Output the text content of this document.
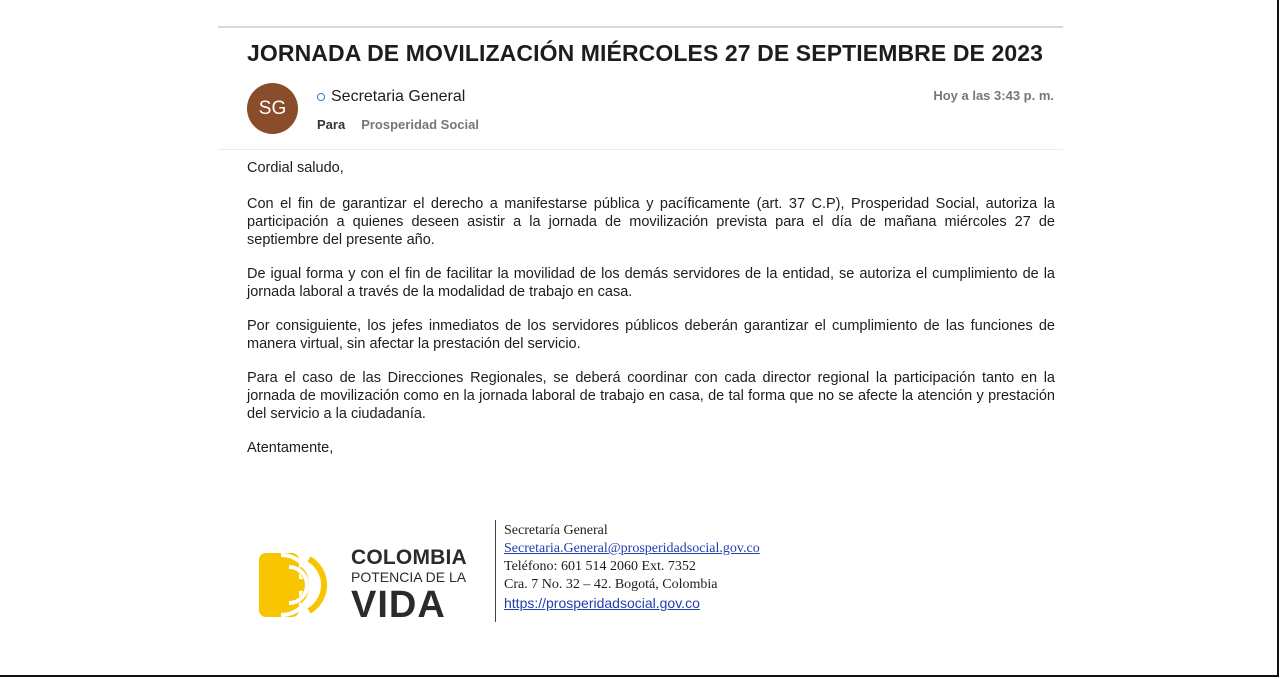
JORNADA DE MOVILIZACIÓN MIÉRCOLES 27 DE SEPTIEMBRE DE 2023
SG
Secretaria General
Para Prosperidad Social
Hoy a las 3:43 p. m.

Cordial saludo,

Con el fin de garantizar el derecho a manifestarse pública y pacíficamente (art. 37 C.P), Prosperidad Social, autoriza la participación a quienes deseen asistir a la jornada de movilización prevista para el día de mañana miércoles 27 de septiembre del presente año.

De igual forma y con el fin de facilitar la movilidad de los demás servidores de la entidad, se autoriza el cumplimiento de la jornada laboral a través de la modalidad de trabajo en casa.

Por consiguiente, los jefes inmediatos de los servidores públicos deberán garantizar el cumplimiento de las funciones de manera virtual, sin afectar la prestación del servicio.

Para el caso de las Direcciones Regionales, se deberá coordinar con cada director regional la participación tanto en la jornada de movilización como en la jornada laboral de trabajo en casa, de tal forma que no se afecte la atención y prestación del servicio a la ciudadanía.

Atentamente,

COLOMBIA
POTENCIA DE LA
VIDA
Secretaría General
Secretaria.General@prosperidadsocial.gov.co
Teléfono: 601 514 2060 Ext. 7352
Cra. 7 No. 32 – 42. Bogotá, Colombia
https://prosperidadsocial.gov.co
